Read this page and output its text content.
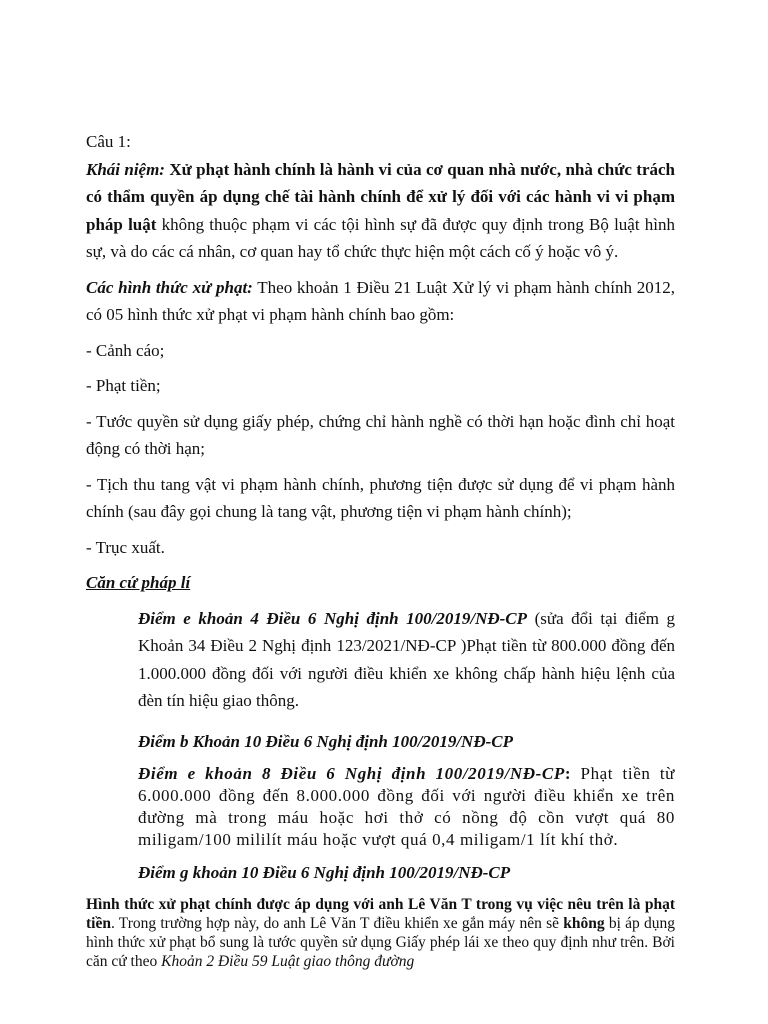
Câu 1:

Khái niệm: Xử phạt hành chính là hành vi của cơ quan nhà nước, nhà chức trách có thẩm quyền áp dụng chế tài hành chính để xử lý đối với các hành vi vi phạm pháp luật không thuộc phạm vi các tội hình sự đã được quy định trong Bộ luật hình sự, và do các cá nhân, cơ quan hay tổ chức thực hiện một cách cố ý hoặc vô ý.

Các hình thức xử phạt: Theo khoản 1 Điều 21 Luật Xử lý vi phạm hành chính 2012, có 05 hình thức xử phạt vi phạm hành chính bao gồm:

- Cảnh cáo;

- Phạt tiền;

- Tước quyền sử dụng giấy phép, chứng chỉ hành nghề có thời hạn hoặc đình chỉ hoạt động có thời hạn;

- Tịch thu tang vật vi phạm hành chính, phương tiện được sử dụng để vi phạm hành chính (sau đây gọi chung là tang vật, phương tiện vi phạm hành chính);

- Trục xuất.

Căn cứ pháp lí

Điểm e khoản 4 Điều 6 Nghị định 100/2019/NĐ-CP (sửa đổi tại điểm g Khoản 34 Điều 2 Nghị định 123/2021/NĐ-CP )Phạt tiền từ 800.000 đồng đến 1.000.000 đồng đối với người điều khiển xe không chấp hành hiệu lệnh của đèn tín hiệu giao thông.

Điểm b Khoản 10 Điều 6 Nghị định 100/2019/NĐ-CP

Điểm e khoản 8 Điều 6 Nghị định 100/2019/NĐ-CP: Phạt tiền từ 6.000.000 đồng đến 8.000.000 đồng đối với người điều khiển xe trên đường mà trong máu hoặc hơi thở có nồng độ cồn vượt quá 80 miligam/100 mililít máu hoặc vượt quá 0,4 miligam/1 lít khí thở.

Điểm g khoản 10 Điều 6 Nghị định 100/2019/NĐ-CP

Hình thức xử phạt chính được áp dụng với anh Lê Văn T trong vụ việc nêu trên là phạt tiền. Trong trường hợp này, do anh Lê Văn T điều khiển xe gắn máy nên sẽ không bị áp dụng hình thức xử phạt bổ sung là tước quyền sử dụng Giấy phép lái xe theo quy định như trên. Bởi căn cứ theo Khoản 2 Điều 59 Luật giao thông đường
